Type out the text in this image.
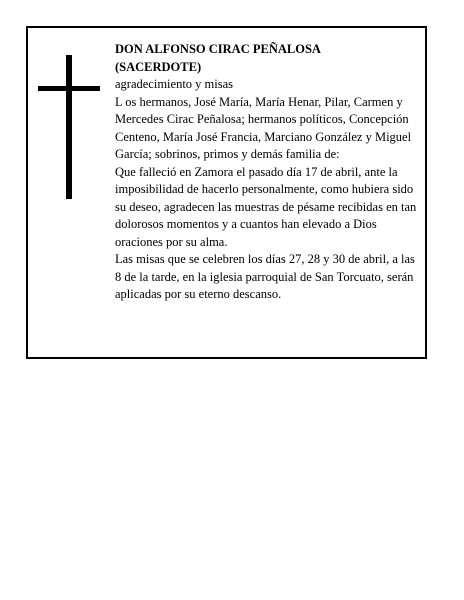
DON ALFONSO CIRAC PEÑALOSA

(SACERDOTE)

agradecimiento y misas

L os hermanos, José María, María Henar, Pilar, Carmen y Mercedes Cirac Peñalosa; hermanos políticos, Concepción Centeno, María José Francia, Marciano González y Miguel García; sobrinos, primos y demás familia de:

Que falleció en Zamora el pasado día 17 de abril, ante la imposibilidad de hacerlo personalmente, como hubiera sido su deseo, agradecen las muestras de pésame recibidas en tan dolorosos momentos y a cuantos han elevado a Dios oraciones por su alma.

Las misas que se celebren los días 27, 28 y 30 de abril, a las 8 de la tarde, en la iglesia parroquial de San Torcuato, serán aplicadas por su eterno descanso.
